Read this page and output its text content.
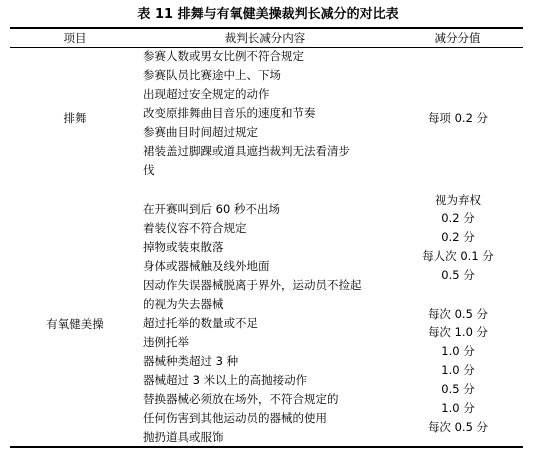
表 11 排舞与有氧健美操裁判长减分的对比表
项目	裁判长减分内容	减分分值
排舞
参赛人数或男女比例不符合规定
参赛队员比赛途中上、下场
出现超过安全规定的动作
改变原排舞曲目音乐的速度和节奏
参赛曲目时间超过规定
裙装盖过脚踝或道具遮挡裁判无法看清步
伐
每项 0.2 分
有氧健美操
在开赛叫到后 60 秒不出场
着装仪容不符合规定
掉物或装束散落
身体或器械触及线外地面
因动作失误器械脱离于界外，运动员不捡起
的视为失去器械
超过托举的数量或不足
违例托举
器械种类超过 3 种
器械超过 3 米以上的高抛接动作
替换器械必须放在场外，不符合规定的
任何伤害到其他运动员的器械的使用
抛扔道具或服饰
视为弃权
0.2 分
0.2 分
每人次 0.1 分
0.5 分
每次 0.5 分
每次 1.0 分
1.0 分
1.0 分
0.5 分
1.0 分
每次 0.5 分
